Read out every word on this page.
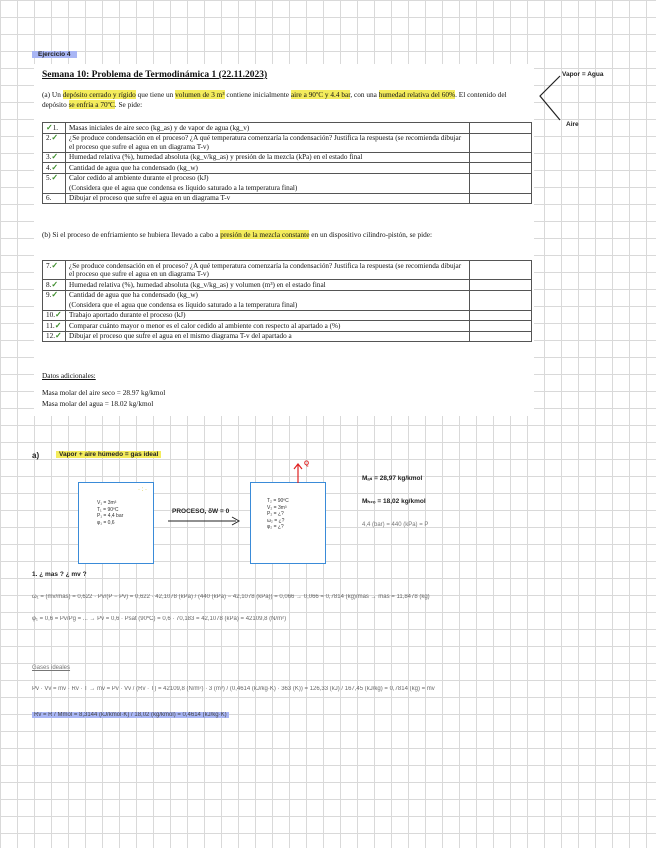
Ejercicio 4
Semana 10: Problema de Termodinámica 1 (22.11.2023)
(a) Un depósito cerrado y rígido que tiene un volumen de 3 m³ contiene inicialmente aire a 90ºC y 4.4 bar, con una humedad relativa del 60%. El contenido del depósito se enfría a 70ºC. Se pide:
✓1.	Masas iniciales de aire seco (kg_as) y de vapor de agua (kg_v)	
2.✓	¿Se produce condensación en el proceso? ¿A qué temperatura comenzaría la condensación? Justifica la respuesta (se recomienda dibujar el proceso que sufre el agua en un diagrama T-v)	
3.✓	Humedad relativa (%), humedad absoluta (kg_v/kg_as) y presión de la mezcla (kPa) en el estado final	
4.✓	Cantidad de agua que ha condensado (kg_w)	
5.✓	Calor cedido al ambiente durante el proceso (kJ)	
	(Considera que el agua que condensa es líquido saturado a la temperatura final)	
6.	Dibujar el proceso que sufre el agua en un diagrama T-v	
(b) Si el proceso de enfriamiento se hubiera llevado a cabo a presión de la mezcla constante en un dispositivo cilindro-pistón, se pide:
7.✓	¿Se produce condensación en el proceso? ¿A qué temperatura comenzaría la condensación? Justifica la respuesta (se recomienda dibujar el proceso que sufre el agua en un diagrama T-v)	
8.✓	Humedad relativa (%), humedad absoluta (kg_v/kg_as) y volumen (m³) en el estado final	
9.✓	Cantidad de agua que ha condensado (kg_w)	
	(Considera que el agua que condensa es líquido saturado a la temperatura final)	
10.✓	Trabajo aportado durante el proceso (kJ)	
11.✓	Comparar cuánto mayor o menor es el calor cedido al ambiente con respecto al apartado a (%)	
12.✓	Dibujar el proceso que sufre el agua en el mismo diagrama T-v del apartado a	
Datos adicionales:
Masa molar del aire seco = 28.97 kg/kmol
Masa molar del agua = 18.02 kg/kmol
Vapor = Agua
Aire
a)	Vapor + aire húmedo = gas ideal
V₁ = 3m³
T₁ = 90ºC
P₁ = 4,4 bar
φ₁ = 0,6
· : ·
PROCESO, δW = 0
T₂ = 90ºC
V₂ = 3m³
P₂ = ¿?
ω₂ = ¿?
φ₂ = ¿?
Q
Mₐₛ = 28,97 kg/kmol
Mₕ₂ₒ = 18,02 kg/kmol
4,4 (bar) = 440 (kPa) = P
1. ¿ mas ? ¿ mv ?
ω₁ = (mv/mas) = 0,622 · Pv/(P − Pv) = 0,622 · 42,1078 (kPa) / (440 (kPa) − 42,1078 (kPa)) = 0,066 → 0,066 = 0,7814 (kg)/mas → mas = 11,8478 (kg)
φ₁ = 0,6 = Pv/Pg = ... → Pv = 0,6 · Psat (90ºC) = 0,6 · 70,183 = 42,1078 (kPa) = 42109,8 (N/m²)
Gases ideales
Pv · Vv = mv · Rv · T → mv = Pv · Vv / (Rv · T) = 42109,8 (N/m²) · 3 (m³) / (0,4614 (kJ/kg·K) · 363 (K)) = 126,33 (kJ) / 167,45 (kJ/kg) = 0,7814 (kg) = mv
Rv = R / Mmol = 8,3144 (kJ/kmol·K) / 18,02 (kg/kmol) = 0,4614 (kJ/kg·K)
